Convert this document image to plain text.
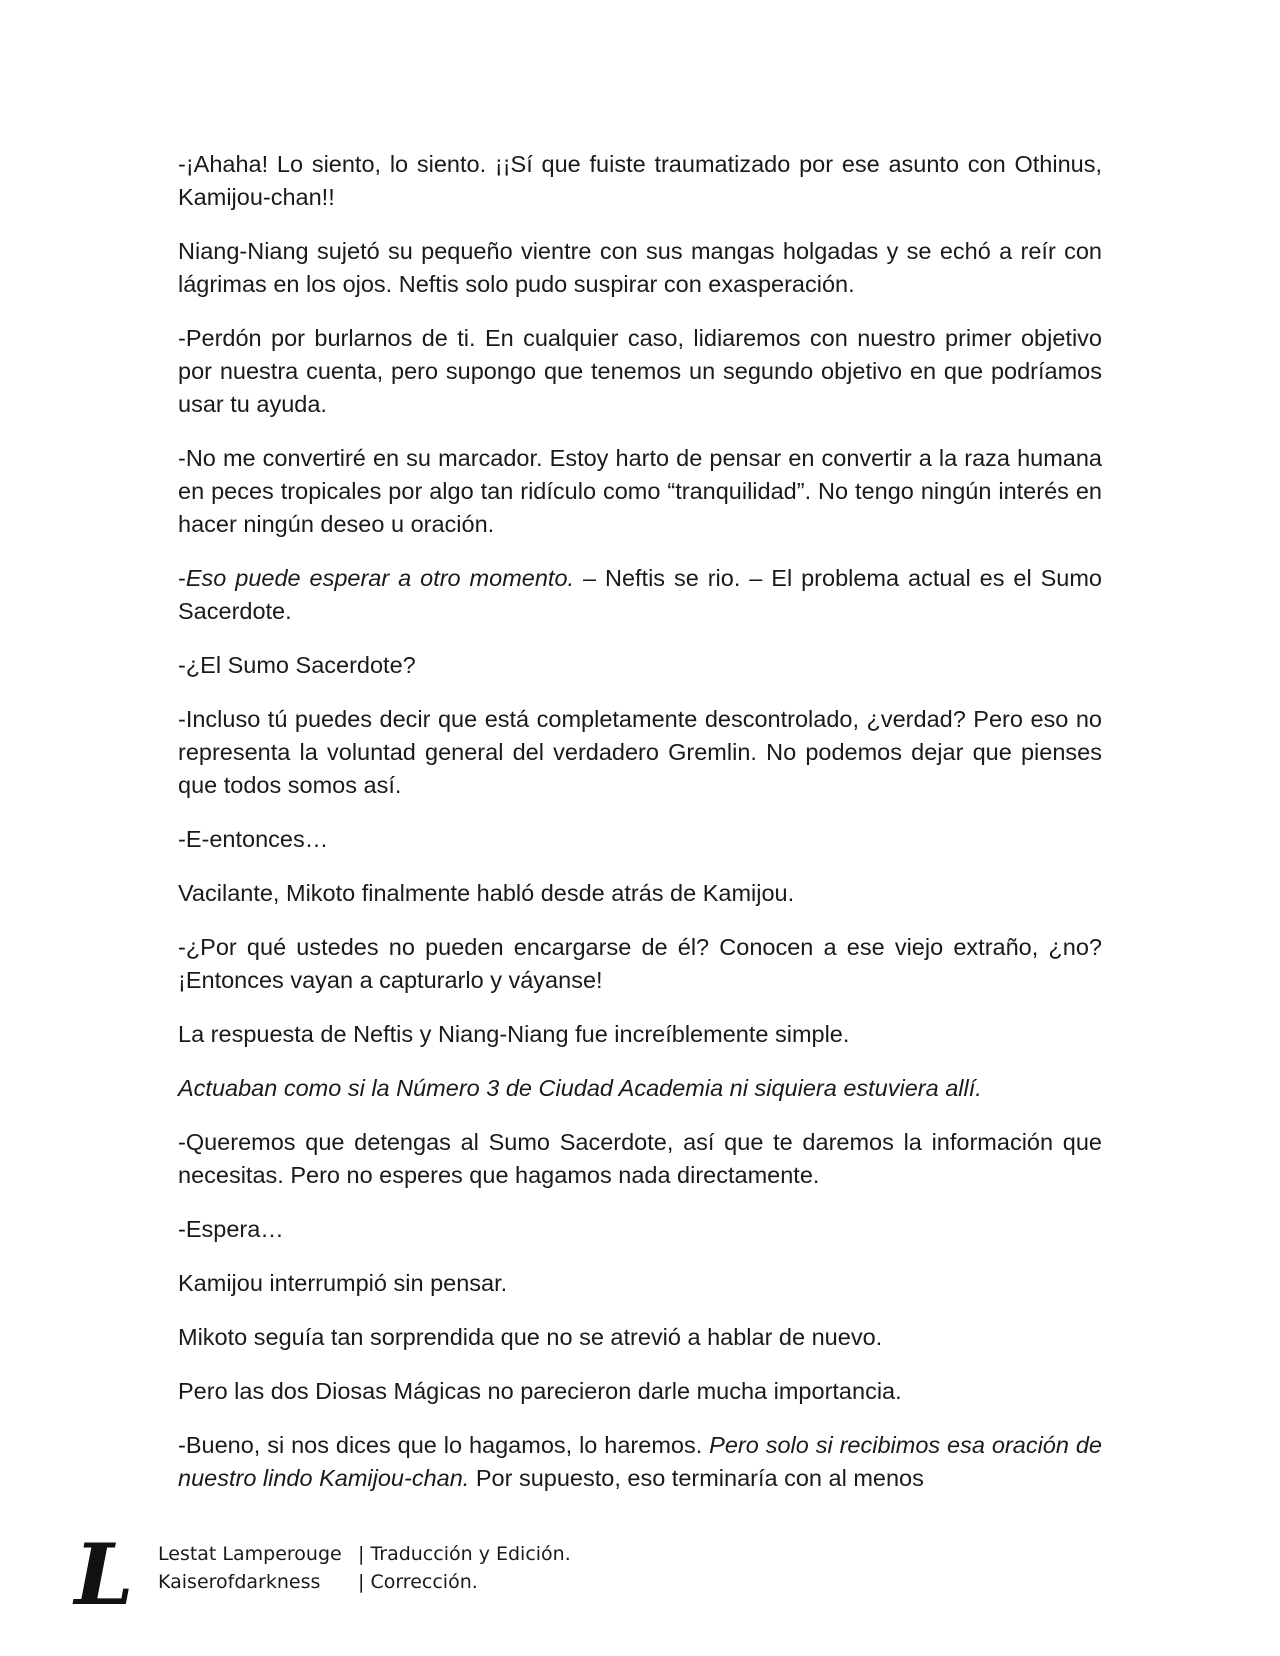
-¡Ahaha! Lo siento, lo siento. ¡¡Sí que fuiste traumatizado por ese asunto con Othinus, Kamijou-chan!!

Niang-Niang sujetó su pequeño vientre con sus mangas holgadas y se echó a reír con lágrimas en los ojos. Neftis solo pudo suspirar con exasperación.

-Perdón por burlarnos de ti. En cualquier caso, lidiaremos con nuestro primer objetivo por nuestra cuenta, pero supongo que tenemos un segundo objetivo en que podríamos usar tu ayuda.

-No me convertiré en su marcador. Estoy harto de pensar en convertir a la raza humana en peces tropicales por algo tan ridículo como “tranquilidad”. No tengo ningún interés en hacer ningún deseo u oración.

-Eso puede esperar a otro momento. – Neftis se rio. – El problema actual es el Sumo Sacerdote.

-¿El Sumo Sacerdote?

-Incluso tú puedes decir que está completamente descontrolado, ¿verdad? Pero eso no representa la voluntad general del verdadero Gremlin. No podemos dejar que pienses que todos somos así.

-E-entonces…

Vacilante, Mikoto finalmente habló desde atrás de Kamijou.

-¿Por qué ustedes no pueden encargarse de él? Conocen a ese viejo extraño, ¿no? ¡Entonces vayan a capturarlo y váyanse!

La respuesta de Neftis y Niang-Niang fue increíblemente simple.

Actuaban como si la Número 3 de Ciudad Academia ni siquiera estuviera allí.

-Queremos que detengas al Sumo Sacerdote, así que te daremos la información que necesitas. Pero no esperes que hagamos nada directamente.

-Espera…

Kamijou interrumpió sin pensar.

Mikoto seguía tan sorprendida que no se atrevió a hablar de nuevo.

Pero las dos Diosas Mágicas no parecieron darle mucha importancia.

-Bueno, si nos dices que lo hagamos, lo haremos. Pero solo si recibimos esa oración de nuestro lindo Kamijou-chan. Por supuesto, eso terminaría con al menos

L Lestat Lamperouge | Traducción y Edición.
Kaiserofdarkness	| Corrección.
